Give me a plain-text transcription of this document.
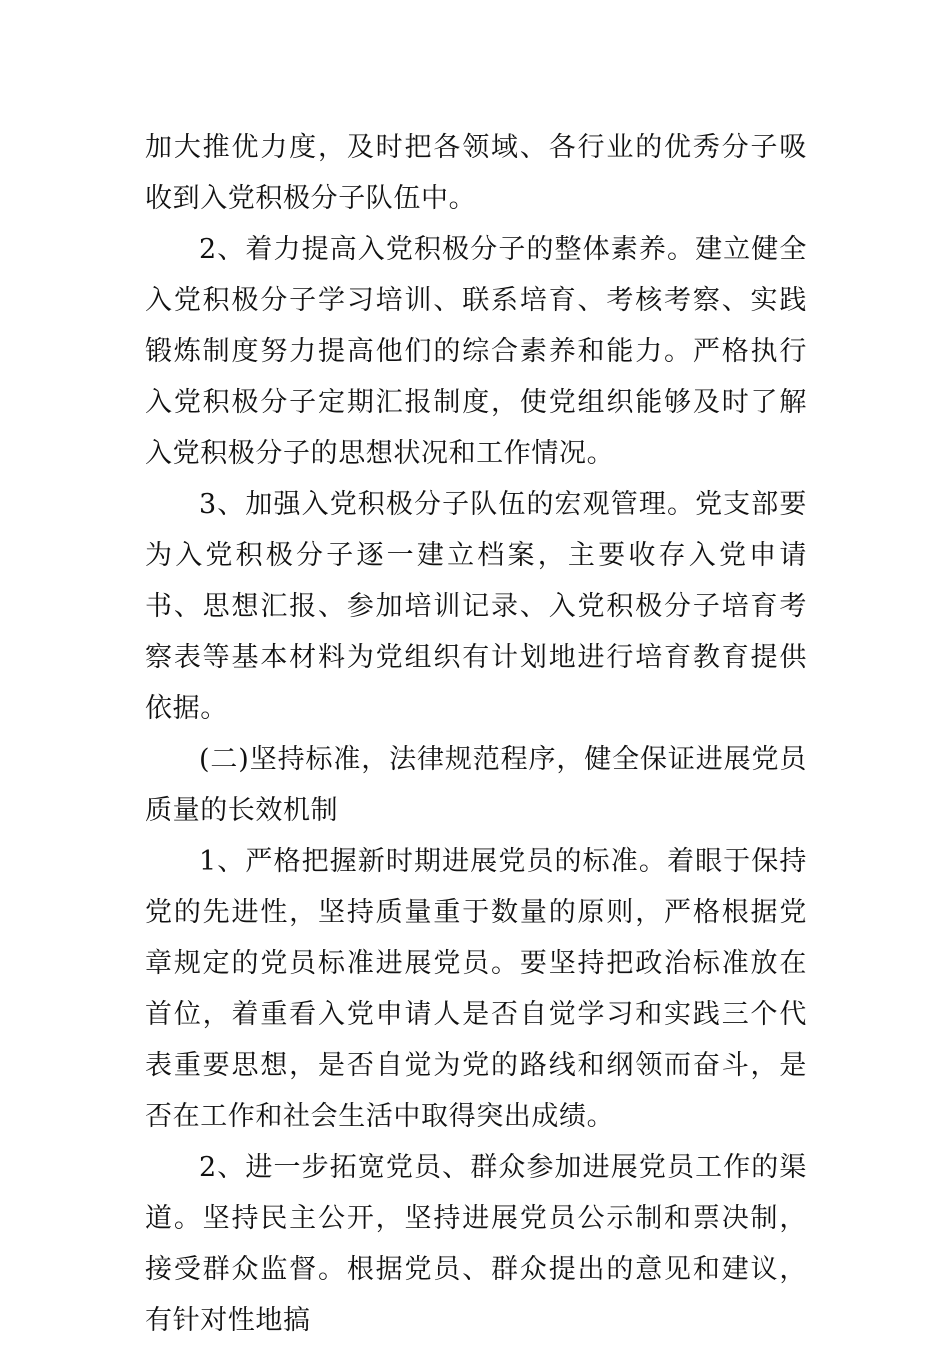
加大推优力度，及时把各领域、各行业的优秀分子吸收到入党积极分子队伍中。

2、着力提高入党积极分子的整体素养。建立健全入党积极分子学习培训、联系培育、考核考察、实践锻炼制度努力提高他们的综合素养和能力。严格执行入党积极分子定期汇报制度，使党组织能够及时了解入党积极分子的思想状况和工作情况。

3、加强入党积极分子队伍的宏观管理。党支部要为入党积极分子逐一建立档案，主要收存入党申请书、思想汇报、参加培训记录、入党积极分子培育考察表等基本材料为党组织有计划地进行培育教育提供依据。

(二)坚持标准，法律规范程序，健全保证进展党员质量的长效机制

1、严格把握新时期进展党员的标准。着眼于保持党的先进性，坚持质量重于数量的原则，严格根据党章规定的党员标准进展党员。要坚持把政治标准放在首位，着重看入党申请人是否自觉学习和实践三个代表重要思想，是否自觉为党的路线和纲领而奋斗，是否在工作和社会生活中取得突出成绩。

2、进一步拓宽党员、群众参加进展党员工作的渠道。坚持民主公开，坚持进展党员公示制和票决制，接受群众监督。根据党员、群众提出的意见和建议，有针对性地搞
